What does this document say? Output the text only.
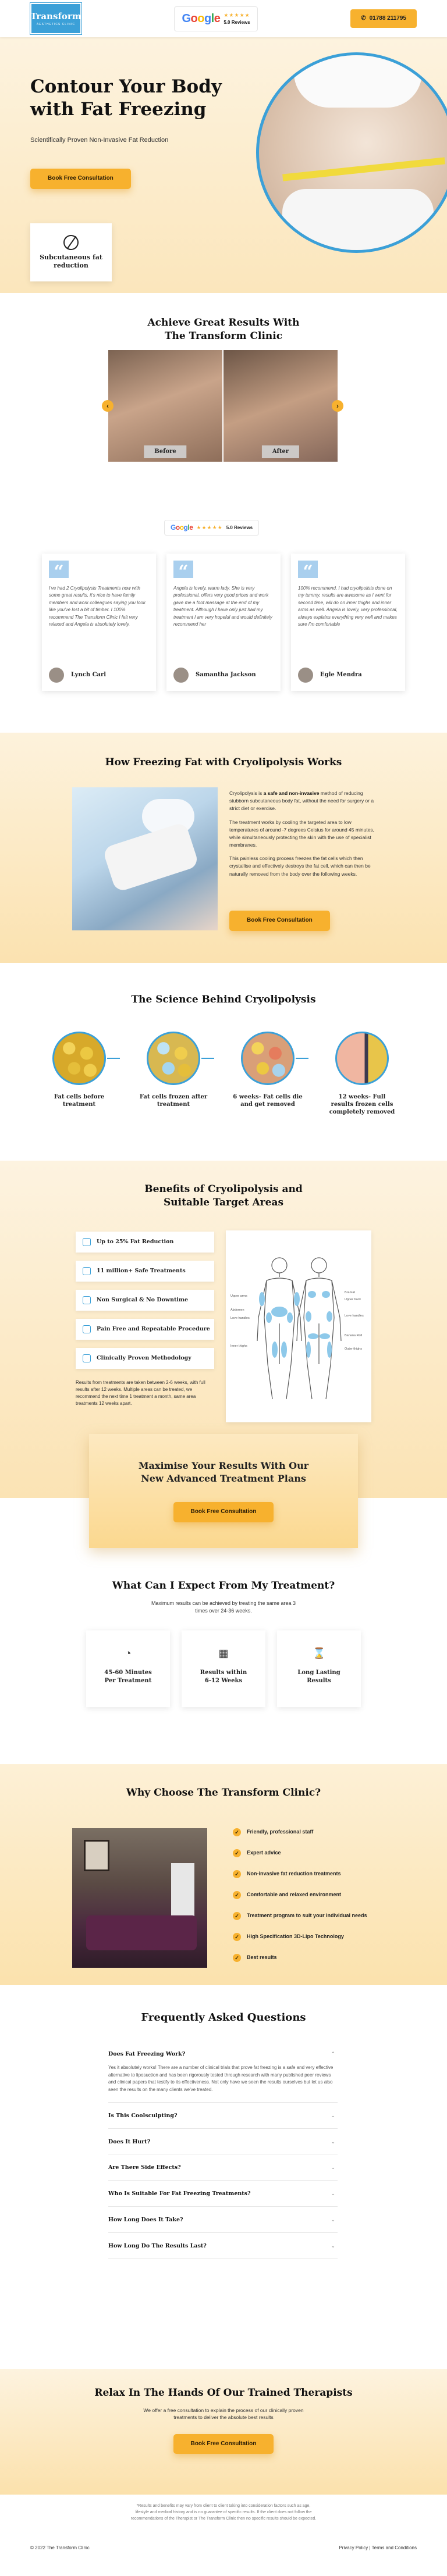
Transform
AESTHETICS CLINIC	Google ★★★★★
5.0 Reviews
✆ 01788 211795
Contour Your Body with Fat Freezing

Scientifically Proven Non-Invasive Fat Reduction

Book Free Consultation
Subcutaneous fat reduction
Achieve Great Results With The Transform Clinic
Before	After
‹	›
Google ★★★★★ 5.0 Reviews
“

I've had 2 Cryolipolysis Treatments now with some great results, it's nice to have family members and work colleagues saying you look like you've lost a bit of timber. I 100% recommend The Transform Clinic I felt very relaxed and Angela is absolutely lovely.

Lynch Carl
“

Angela is lovely, warm lady. She is very professional, offers very good prices and work gave me a foot massage at the end of my treatment. Although I have only just had my treatment I am very hopeful and would definitely recommend her

Samantha Jackson
“

100% recommend, I had cryolipolisis done on my tummy, results are awesome as I went for second time, will do on inner thighs and inner arms as well. Angela is lovely, very professional, always explains everything very well and makes sure I'm comfortable

Egle Mendra
How Freezing Fat with Cryolipolysis Works

Cryolipolysis is a safe and non-invasive method of reducing stubborn subcutaneous body fat, without the need for surgery or a strict diet or exercise.

The treatment works by cooling the targeted area to low temperatures of around -7 degrees Celsius for around 45 minutes, while simultaneously protecting the skin with the use of specialist membranes.

This painless cooling process freezes the fat cells which then crystallise and effectively destroys the fat cell, which can then be naturally removed from the body over the following weeks.

Book Free Consultation
The Science Behind Cryolipolysis
Fat cells before treatment
Fat cells frozen after treatment
6 weeks- Fat cells die and get removed
12 weeks- Full results frozen cells completely removed
Benefits of Cryolipolysis and Suitable Target Areas
Up to 25% Fat Reduction
11 million+ Safe Treatments
Non Surgical & No Downtime
Pain Free and Repeatable Procedure
Clinically Proven Methodology

Results from treatments are taken between 2-6 weeks, with full results after 12 weeks. Multiple areas can be treated, we recommend the next time 1 treatment a month, same area treatments 12 weeks apart.

Upper arms
Abdomen
Love handles
Inner thighs
Bra Fat
Upper back
Love handles
Banana Roll
Outer thighs
Maximise Your Results With Our New Advanced Treatment Plans
Book Free Consultation
What Can I Expect From My Treatment?

Maximum results can be achieved by treating the same area 3 times over 24-36 weeks.

◔
45-60 Minutes Per Treatment
▦
Results within 6-12 Weeks
⌛
Long Lasting Results
Why Choose The Transform Clinic?
✓	Friendly, professional staff
✓	Expert advice
✓	Non-invasive fat reduction treatments
✓	Comfortable and relaxed environment
✓	Treatment program to suit your individual needs
✓	High Specification 3D-Lipo Technology
✓	Best results
Frequently Asked Questions
Does Fat Freezing Work?	⌃

Yes it absolutely works! There are a number of clinical trials that prove fat freezing is a safe and very effective alternative to liposuction and has been rigorously tested through research with many published peer reviews and clinical papers that testify to its effectiveness. Not only have we seen the results ourselves but let us also seen the results on the many clients we've treated.

Is This Coolsculpting?	⌄
Does It Hurt?	⌄
Are There Side Effects?	⌄
Who Is Suitable For Fat Freezing Treatments?	⌄
How Long Does It Take?	⌄
How Long Do The Results Last?	⌄
Relax In The Hands Of Our Trained Therapists

We offer a free consultation to explain the process of our clinically proven treatments to deliver the absolute best results

Book Free Consultation

*Results and benefits may vary from client to client taking into consideration factors such as age, lifestyle and medical history and is no guarantee of specific results. If the client does not follow the recommendations of the Therapist or The Transform Clinic then no specific results should be expected.

© 2022 The Transform Clinic	Privacy Policy | Terms and Conditions
